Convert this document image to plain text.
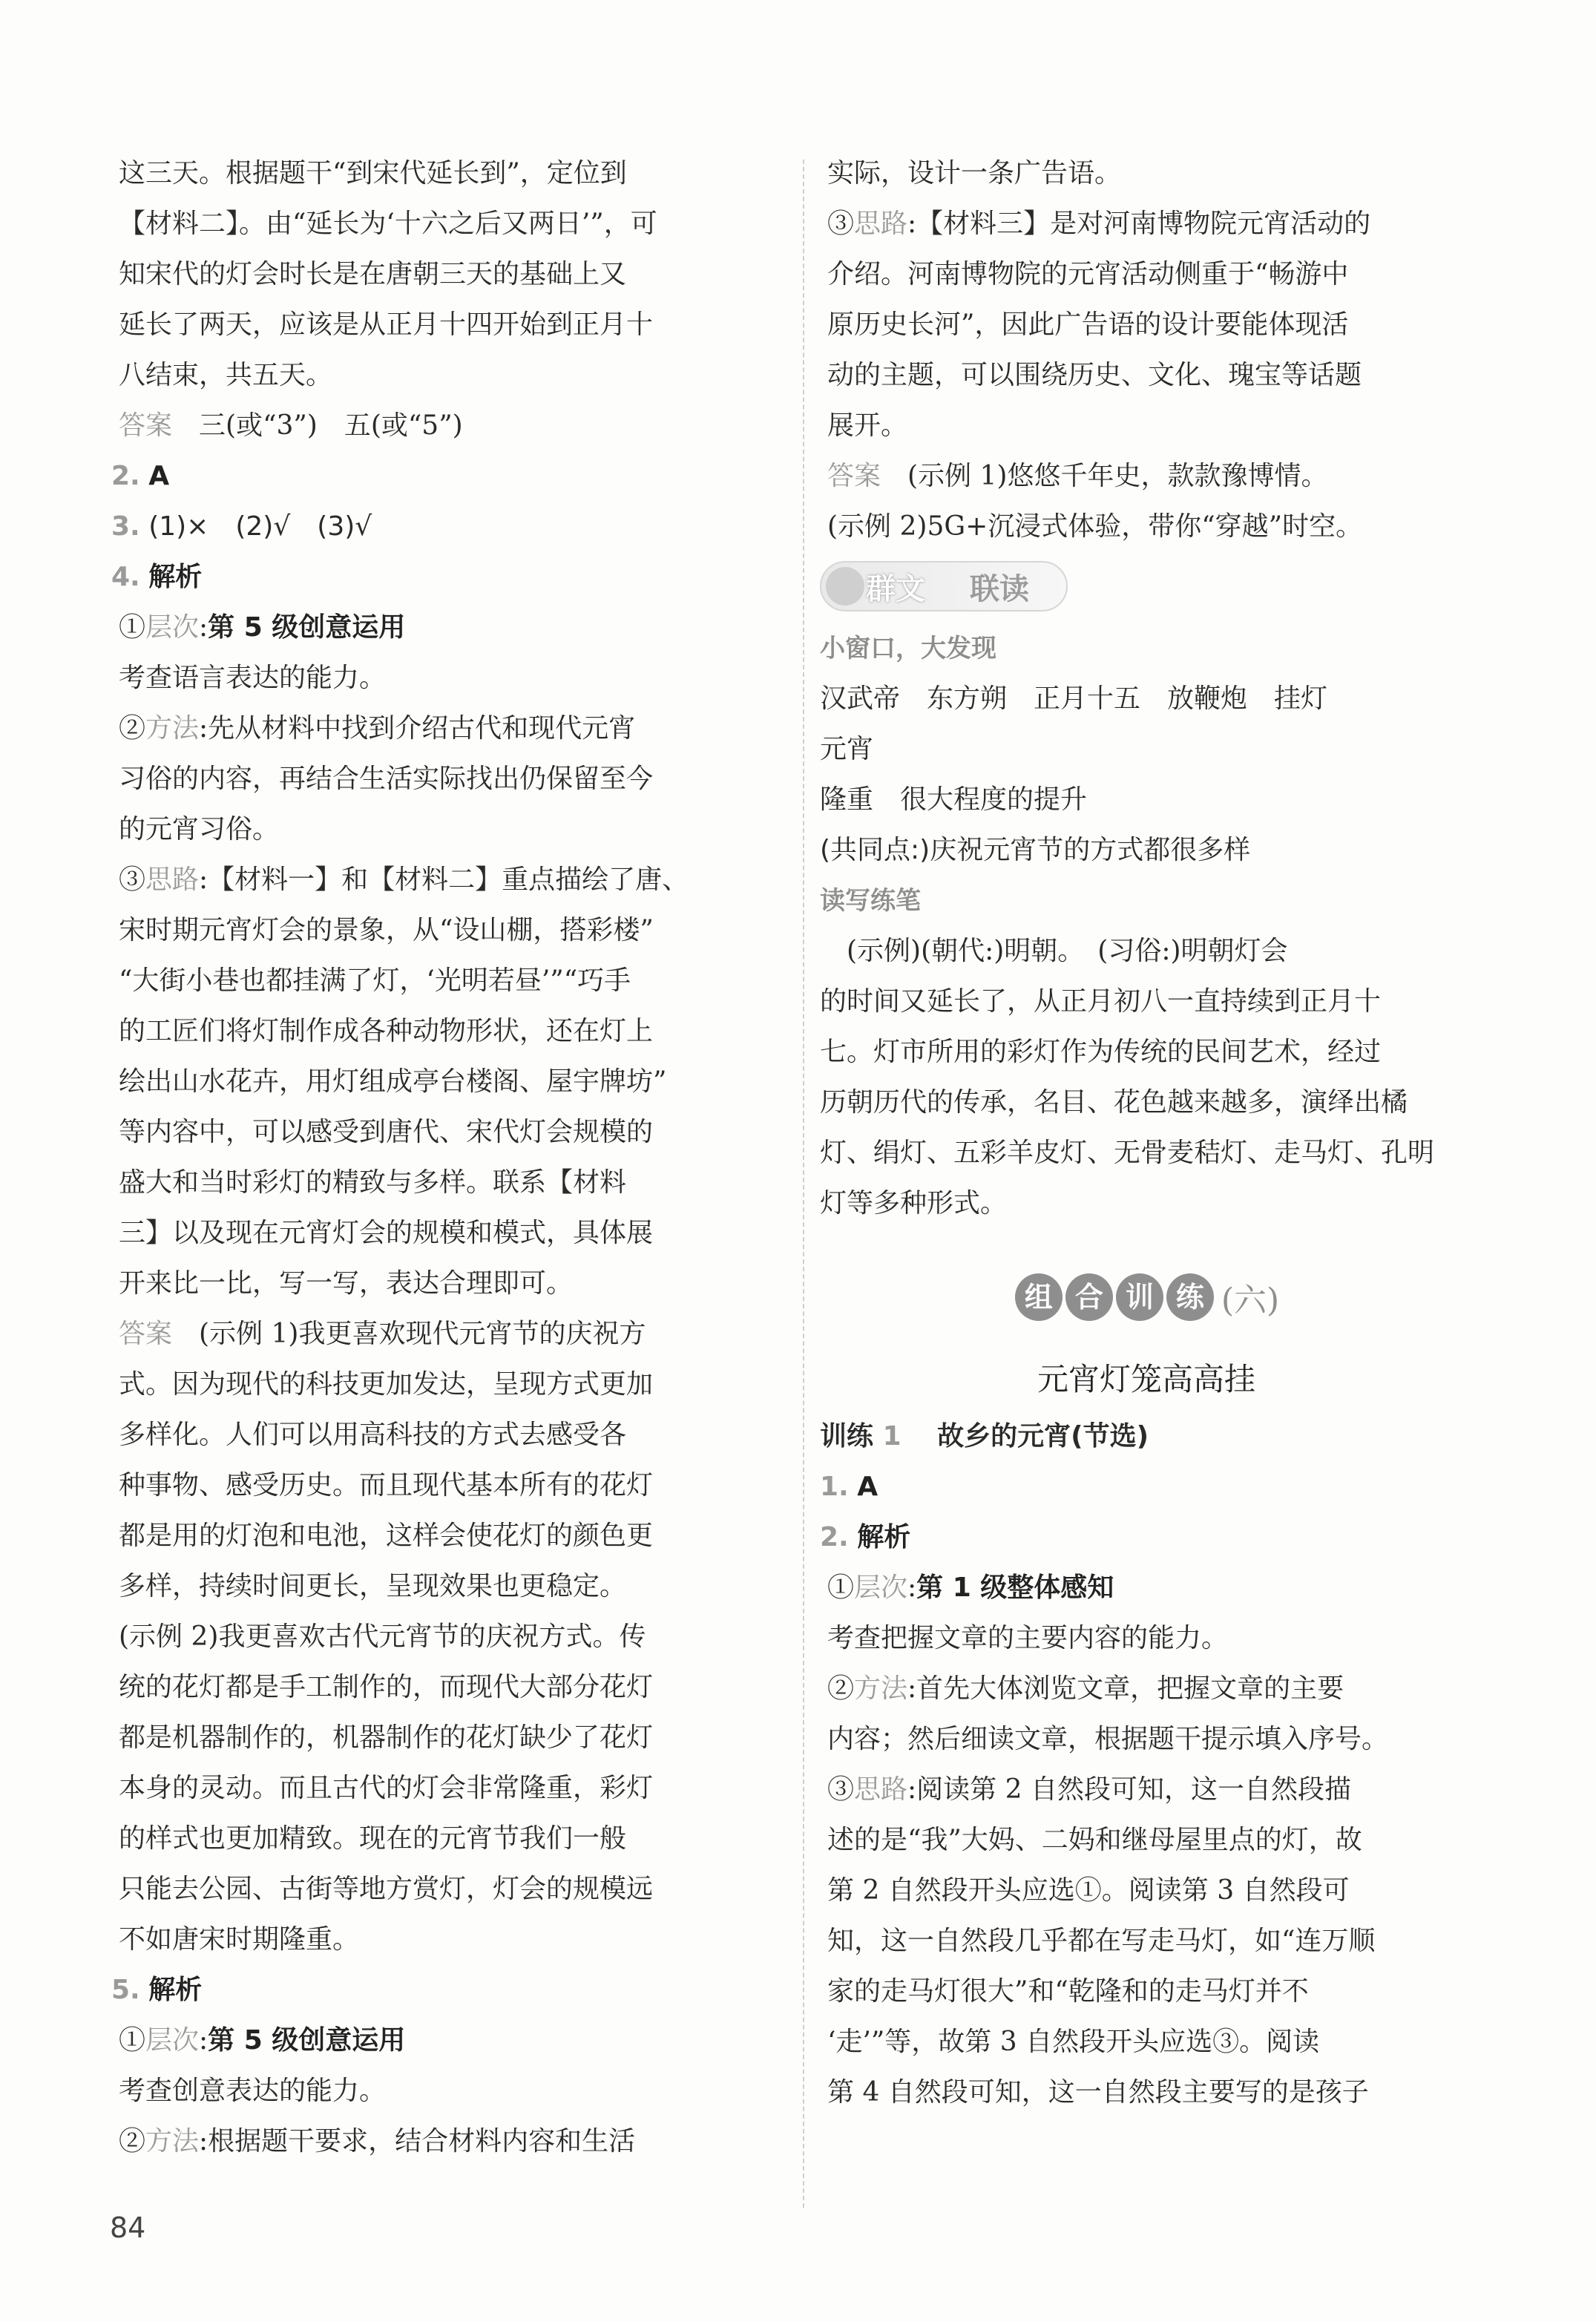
这三天。根据题干“到宋代延长到”，定位到
【材料二】。由“延长为‘十六之后又两日’”，可
知宋代的灯会时长是在唐朝三天的基础上又
延长了两天，应该是从正月十四开始到正月十
八结束，共五天。
答案　 三(或“3”)　五(或“5”)
2. A
3. (1)×　(2)√　(3)√
4. 解析
①层次:第 5 级创意运用
考查语言表达的能力。
②方法:先从材料中找到介绍古代和现代元宵
习俗的内容，再结合生活实际找出仍保留至今
的元宵习俗。
③思路:【材料一】和【材料二】重点描绘了唐、
宋时期元宵灯会的景象，从“设山棚，搭彩楼”
“大街小巷也都挂满了灯，‘光明若昼’”“巧手
的工匠们将灯制作成各种动物形状，还在灯上
绘出山水花卉，用灯组成亭台楼阁、屋宇牌坊”
等内容中，可以感受到唐代、宋代灯会规模的
盛大和当时彩灯的精致与多样。联系【材料
三】以及现在元宵灯会的规模和模式，具体展
开来比一比，写一写，表达合理即可。
答案　 (示例 1)我更喜欢现代元宵节的庆祝方
式。因为现代的科技更加发达，呈现方式更加
多样化。人们可以用高科技的方式去感受各
种事物、感受历史。而且现代基本所有的花灯
都是用的灯泡和电池，这样会使花灯的颜色更
多样，持续时间更长，呈现效果也更稳定。
(示例 2)我更喜欢古代元宵节的庆祝方式。传
统的花灯都是手工制作的，而现代大部分花灯
都是机器制作的，机器制作的花灯缺少了花灯
本身的灵动。而且古代的灯会非常隆重，彩灯
的样式也更加精致。现在的元宵节我们一般
只能去公园、古街等地方赏灯，灯会的规模远
不如唐宋时期隆重。
5. 解析
①层次:第 5 级创意运用
考查创意表达的能力。
②方法:根据题干要求，结合材料内容和生活
实际，设计一条广告语。
③思路:【材料三】是对河南博物院元宵活动的
介绍。河南博物院的元宵活动侧重于“畅游中
原历史长河”，因此广告语的设计要能体现活
动的主题，可以围绕历史、文化、瑰宝等话题
展开。
答案　 (示例 1)悠悠千年史，款款豫博情。
(示例 2)5G+沉浸式体验，带你“穿越”时空。
群文 联读
小窗口，大发现
汉武帝　东方朔　正月十五　放鞭炮　挂灯
元宵
隆重　很大程度的提升
(共同点:)庆祝元宵节的方式都很多样
读写练笔
　(示例)(朝代:)明朝。　(习俗:)明朝灯会
的时间又延长了，从正月初八一直持续到正月十
七。灯市所用的彩灯作为传统的民间艺术，经过
历朝历代的传承，名目、花色越来越多，演绎出橘
灯、绢灯、五彩羊皮灯、无骨麦秸灯、走马灯、孔明
灯等多种形式。
组 合 训 练 (六)
元宵灯笼高高挂
训练 1　 故乡的元宵(节选)
1. A
2. 解析
①层次:第 1 级整体感知
考查把握文章的主要内容的能力。
②方法:首先大体浏览文章，把握文章的主要
内容；然后细读文章，根据题干提示填入序号。
③思路:阅读第 2 自然段可知，这一自然段描
述的是“我”大妈、二妈和继母屋里点的灯，故
第 2 自然段开头应选①。阅读第 3 自然段可
知，这一自然段几乎都在写走马灯，如“连万顺
家的走马灯很大”和“乾隆和的走马灯并不
‘走’”等，故第 3 自然段开头应选③。阅读
第 4 自然段可知，这一自然段主要写的是孩子
84
